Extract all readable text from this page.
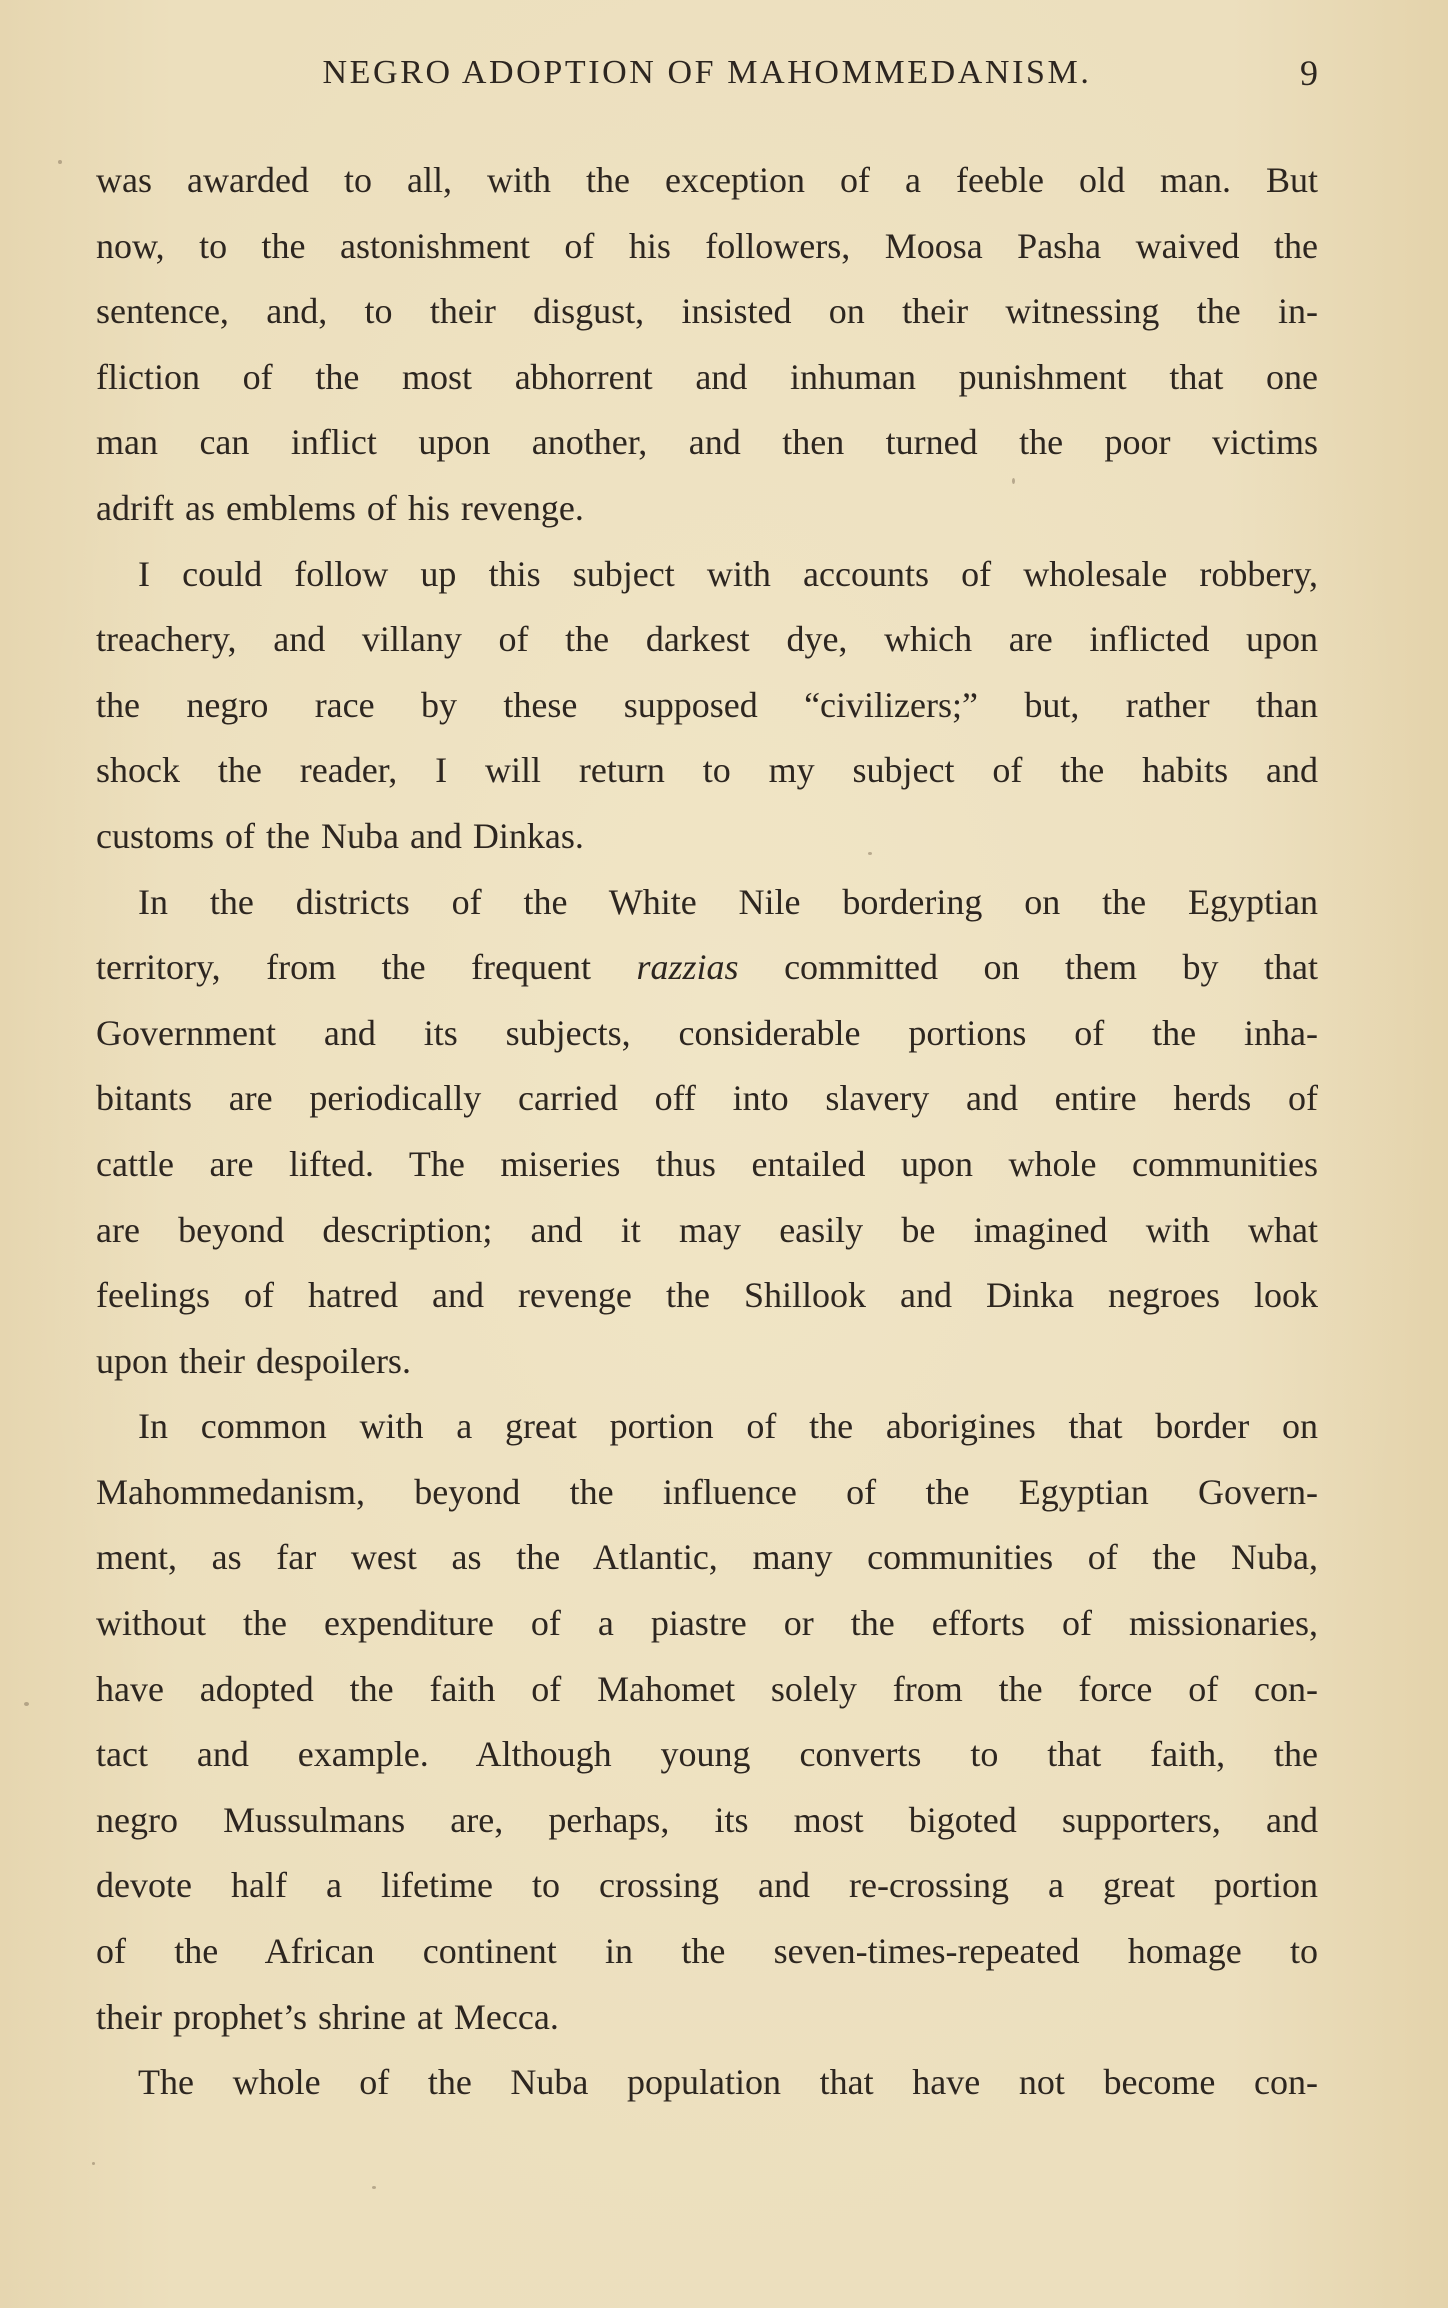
NEGRO ADOPTION OF MAHOMMEDANISM.	9
was awarded to all, with the exception of a feeble old man. But
now, to the astonishment of his followers, Moosa Pasha waived the
sentence, and, to their disgust, insisted on their witnessing the in-
fliction of the most abhorrent and inhuman punishment that one
man can inflict upon another, and then turned the poor victims
adrift as emblems of his revenge.
I could follow up this subject with accounts of wholesale robbery,
treachery, and villany of the darkest dye, which are inflicted upon
the negro race by these supposed “civilizers;” but, rather than
shock the reader, I will return to my subject of the habits and
customs of the Nuba and Dinkas.
In the districts of the White Nile bordering on the Egyptian
territory, from the frequent razzias committed on them by that
Government and its subjects, considerable portions of the inha-
bitants are periodically carried off into slavery and entire herds of
cattle are lifted. The miseries thus entailed upon whole communities
are beyond description; and it may easily be imagined with what
feelings of hatred and revenge the Shillook and Dinka negroes look
upon their despoilers.
In common with a great portion of the aborigines that border on
Mahommedanism, beyond the influence of the Egyptian Govern-
ment, as far west as the Atlantic, many communities of the Nuba,
without the expenditure of a piastre or the efforts of missionaries,
have adopted the faith of Mahomet solely from the force of con-
tact and example. Although young converts to that faith, the
negro Mussulmans are, perhaps, its most bigoted supporters, and
devote half a lifetime to crossing and re-crossing a great portion
of the African continent in the seven-times-repeated homage to
their prophet’s shrine at Mecca.
The whole of the Nuba population that have not become con-
